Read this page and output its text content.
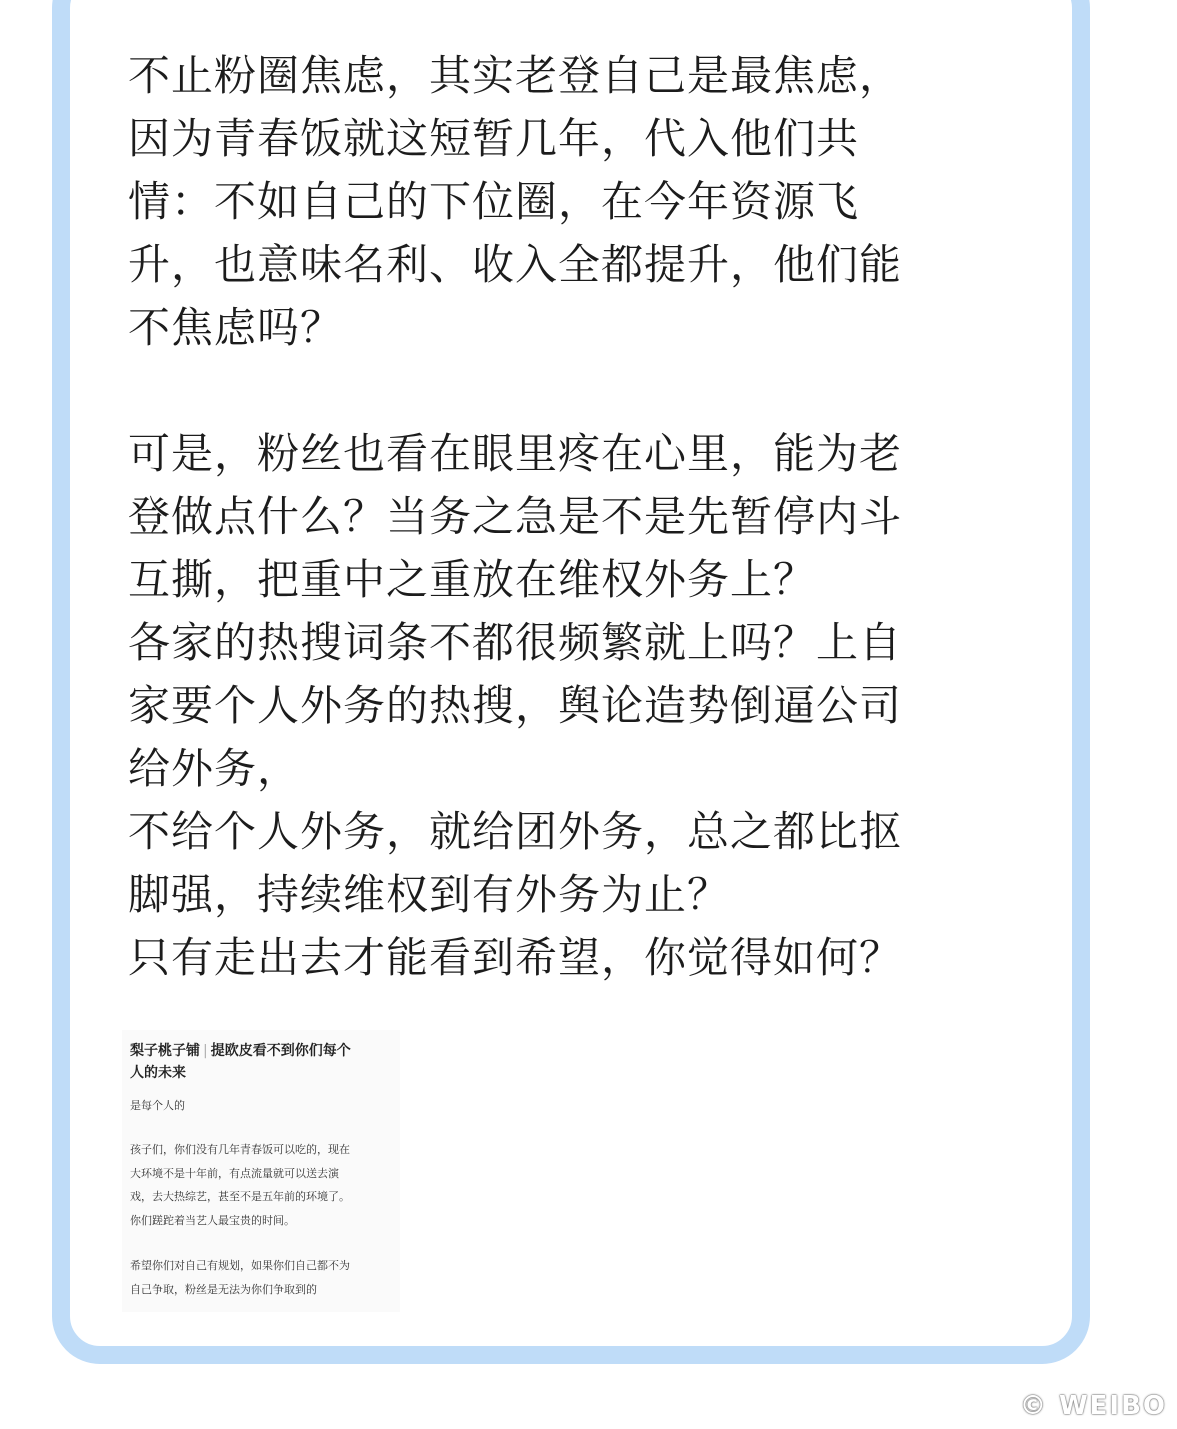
不止粉圈焦虑，其实老登自己是最焦虑，
因为青春饭就这短暂几年，代入他们共
情：不如自己的下位圈，在今年资源飞
升，也意味名利、收入全都提升，他们能
不焦虑吗？
可是，粉丝也看在眼里疼在心里，能为老
登做点什么？当务之急是不是先暂停内斗
互撕，把重中之重放在维权外务上？
各家的热搜词条不都很频繁就上吗？上自
家要个人外务的热搜，舆论造势倒逼公司
给外务，
不给个人外务，就给团外务，总之都比抠
脚强，持续维权到有外务为止？
只有走出去才能看到希望，你觉得如何？
梨子桃子铺 | 提欧皮看不到你们每个
人的未来
是每个人的
孩子们，你们没有几年青春饭可以吃的，现在
大环境不是十年前，有点流量就可以送去演
戏，去大热综艺，甚至不是五年前的环境了。
你们蹉跎着当艺人最宝贵的时间。
希望你们对自己有规划，如果你们自己都不为
自己争取，粉丝是无法为你们争取到的
© WEIBO
